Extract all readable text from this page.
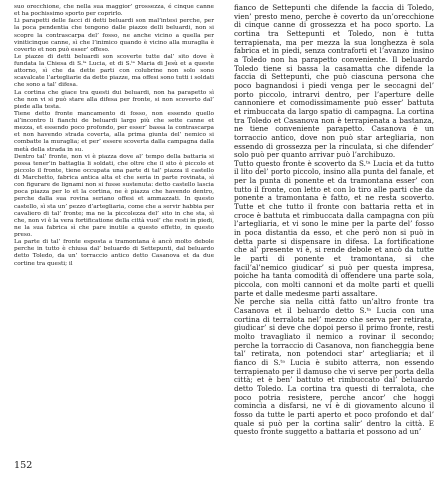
suo orecchione, che nella sua maggior’ grossezza, é cinque canne et ha pochissimo sporto per coprirlo.

Li parapetti delle facci di detti beluardi son mal’intesi perche, per la poca pendentia che tengono dalle piazze delli beluardi, non si scopre la contrascarpa del’ fosso, ne anche vicino a quella per viniticinque canne, sì che l’inimico quando è vicino alla muraglia è coverto et non può esser’ offeso.

Le piazze di detti beluardi son scoverte tutte dal’ sito dove è fundata la Chiesa di S.ᵗᵃ Lucia, et di S.ᵗᵃ Maria di Jesù et a queste attorno, sì che da dette parti con colubrine non solo sono scavalcate l’artegliarie da dette piazze, ma offesi sono tutti i soldati che sono a tal’ difesa.

La cortina che giace tra questi dui beluardi, non ha parapetto sì che non vi si può stare alla difesa per fronte, si non scoverto dal’ piede alla testa.

Tiene detto fronte mancamento di fosso, non essendo quello al’incontro li fianchi de beluardi largo più che sette canne et mezza, et essendo poco profondo, per esser’ bassa la contrascarpa et non havendo strada coverta, alla prima giunta del’ nemico si combatte la muraglia; et per’ essere scoverta dalla campagna dalla metà della strada in su.

Dentro tal’ fronte, non vi è piazza dove al’ tempo della battaria si possa tener’in battaglia li soldati, che oltre che il sito è piccolo et piccolo il fronte, tiene occupata una parte di tal’ piazza il castello di Marchetto, fabrica antica alta et che seria in parte rovinata, sì con figurare de lignami non si fusse sustenuta: detto castello lascia poca piazza per lo et la cortina, ne è piazza che havendo dentro, perche dalla sua rovina seriano offesi et ammazzati. In questo castello, sì sta un’ pezzo d’artegliaria, come che a servir habbia per cavaliero di tal’ fronte; ma ne la piccolezza del’ sito in che sta, sì che, non vi è la vera fortificatione della città vuol’ che resti in piedi, ne la sua fabrica sì che pare inutile a questo effetto, in questo preso.

La parte di tal’ fronte esposta a tramontana è ancò molto debole perche in tutto è chiusa dal’ beluardo di Settepunti, dal beluardo detto Toledo, da un’ torraccio antico detto Casanova et da due cortine tra questi; il

fianco de Settepunti che difende la faccia di Toledo, vien’ presto meno, perche è coverto da un’orecchione di cinque canne di grossezza et ha poco sporto. La cortina tra Settepunti et Toledo, non è tutta terrapienata, ma per mezza la sua longhezza è sola fabrica et in piedi, senza contraforti et l’avanzo insino a Toledo non ha parapetto conveniente. Il beluardo Toledo tiene si bassa la casamatta che difende la faccia di Settepunti, che può ciascuna persona che poco bagnandosi i piedi venga per le seccagni del’ porto piccolo, intrarvi dentro, per l’aperture delle cannoniere et comodissimamente può esser’ battuta et rimbuccata da largo spatio di campagna. La cortina tra Toledo et Casanova non è terrapienata a bastanza, ne tiene conveniente parapetto. Casanova è un torraccio antico, dove non può star artegliaria, non essendo di grossezza per la rinculata, si che difender’ solo può per quanto arrivar può l’archibuzo.

Tutto questo fronte è scoverto da S.ᵗᵃ Lucia et da tutto il lito del’ porto piccolo, insino alla punta del fanale, et per la punta di ponente et da tramontana esser’ con tutto il fronte, con letto et con lo tiro alle parti che da ponente a tramontana è fatto, et ne resta scoverto. Tutte et che tutto il fronte con battaria retta et in croce è battuta et rimbuccata dalla campagna con più l’artegliaria, et vi sono le mine per la parte del’ fosso in poca distantia da esso, et che però non si può in detta parte si dispensare in difesa. La fortificatione che al’ presente vi è, si rende debole et ancò da tutte le parti di ponente et tramontana, si che facil’al’nemico giudicar’ si può per questa impresa, poiche ha tanta comodità di offendere una parte sola, piccola, con molti cannoni et da molte parti et quelli parte et dalle medesme parti assaltare.

Ne perche sia nella città fatto un’altro fronte tra Casanova et il beluardo detto S.ᵗᵃ Lucia con una cortina di terralota nel’ mezzo che serva per retirata, giudicar’ si deve che dopoi perso il primo fronte, resti molto travagliato il nemico a rovinar il secondo; perche la torraccio di Casanova, non fiancheggia bene tal’ retirata, non potendoci star’ artegliaria; et il fianco di S.ᵗᵃ Lucia è subito atterra, non essendo terrapienato per il damuso che vi serve per porta della città; et è ben’ battuto et rimbuccato dal’ beluardo detto Toledo. La cortina tra questi di terralota, che poco potria resistere, perche ancor’ che hoggi comincia a disfarsi, ne vi è di giovamento alcuno il fosso da tutte le parti aperto et poco profondo et dal’ quale si può per la cortina salir’ dentro la città. E questo fronte suggetto a battaria et possono ad un’

152
